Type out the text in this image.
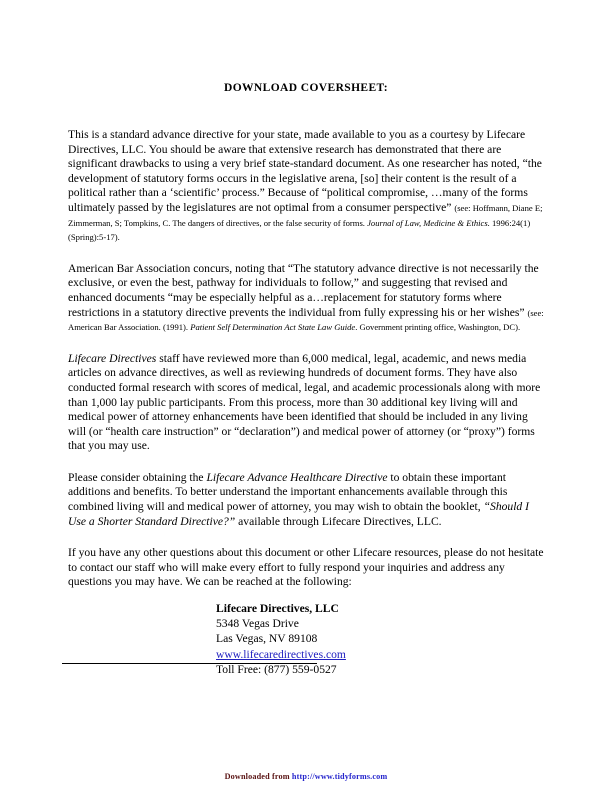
DOWNLOAD COVERSHEET:

This is a standard advance directive for your state, made available to you as a courtesy by Lifecare Directives, LLC. You should be aware that extensive research has demonstrated that there are significant drawbacks to using a very brief state-standard document. As one researcher has noted, “the development of statutory forms occurs in the legislative arena, [so] their content is the result of a political rather than a ‘scientific’ process.” Because of “political compromise, …many of the forms ultimately passed by the legislatures are not optimal from a consumer perspective” (see: Hoffmann, Diane E; Zimmerman, S; Tompkins, C. The dangers of directives, or the false security of forms. Journal of Law, Medicine & Ethics. 1996:24(1) (Spring):5-17).

American Bar Association concurs, noting that “The statutory advance directive is not necessarily the exclusive, or even the best, pathway for individuals to follow,” and suggesting that revised and enhanced documents “may be especially helpful as a…replacement for statutory forms where restrictions in a statutory directive prevents the individual from fully expressing his or her wishes” (see: American Bar Association. (1991). Patient Self Determination Act State Law Guide. Government printing office, Washington, DC).

Lifecare Directives staff have reviewed more than 6,000 medical, legal, academic, and news media articles on advance directives, as well as reviewing hundreds of document forms. They have also conducted formal research with scores of medical, legal, and academic processionals along with more than 1,000 lay public participants. From this process, more than 30 additional key living will and medical power of attorney enhancements have been identified that should be included in any living will (or “health care instruction” or “declaration”) and medical power of attorney (or “proxy”) forms that you may use.

Please consider obtaining the Lifecare Advance Healthcare Directive to obtain these important additions and benefits. To better understand the important enhancements available through this combined living will and medical power of attorney, you may wish to obtain the booklet, “Should I Use a Shorter Standard Directive?” available through Lifecare Directives, LLC.

If you have any other questions about this document or other Lifecare resources, please do not hesitate to contact our staff who will make every effort to fully respond your inquiries and address any questions you may have. We can be reached at the following:

Lifecare Directives, LLC
5348 Vegas Drive
Las Vegas, NV 89108
www.lifecaredirectives.com
Toll Free: (877) 559-0527
Downloaded from http://www.tidyforms.com
